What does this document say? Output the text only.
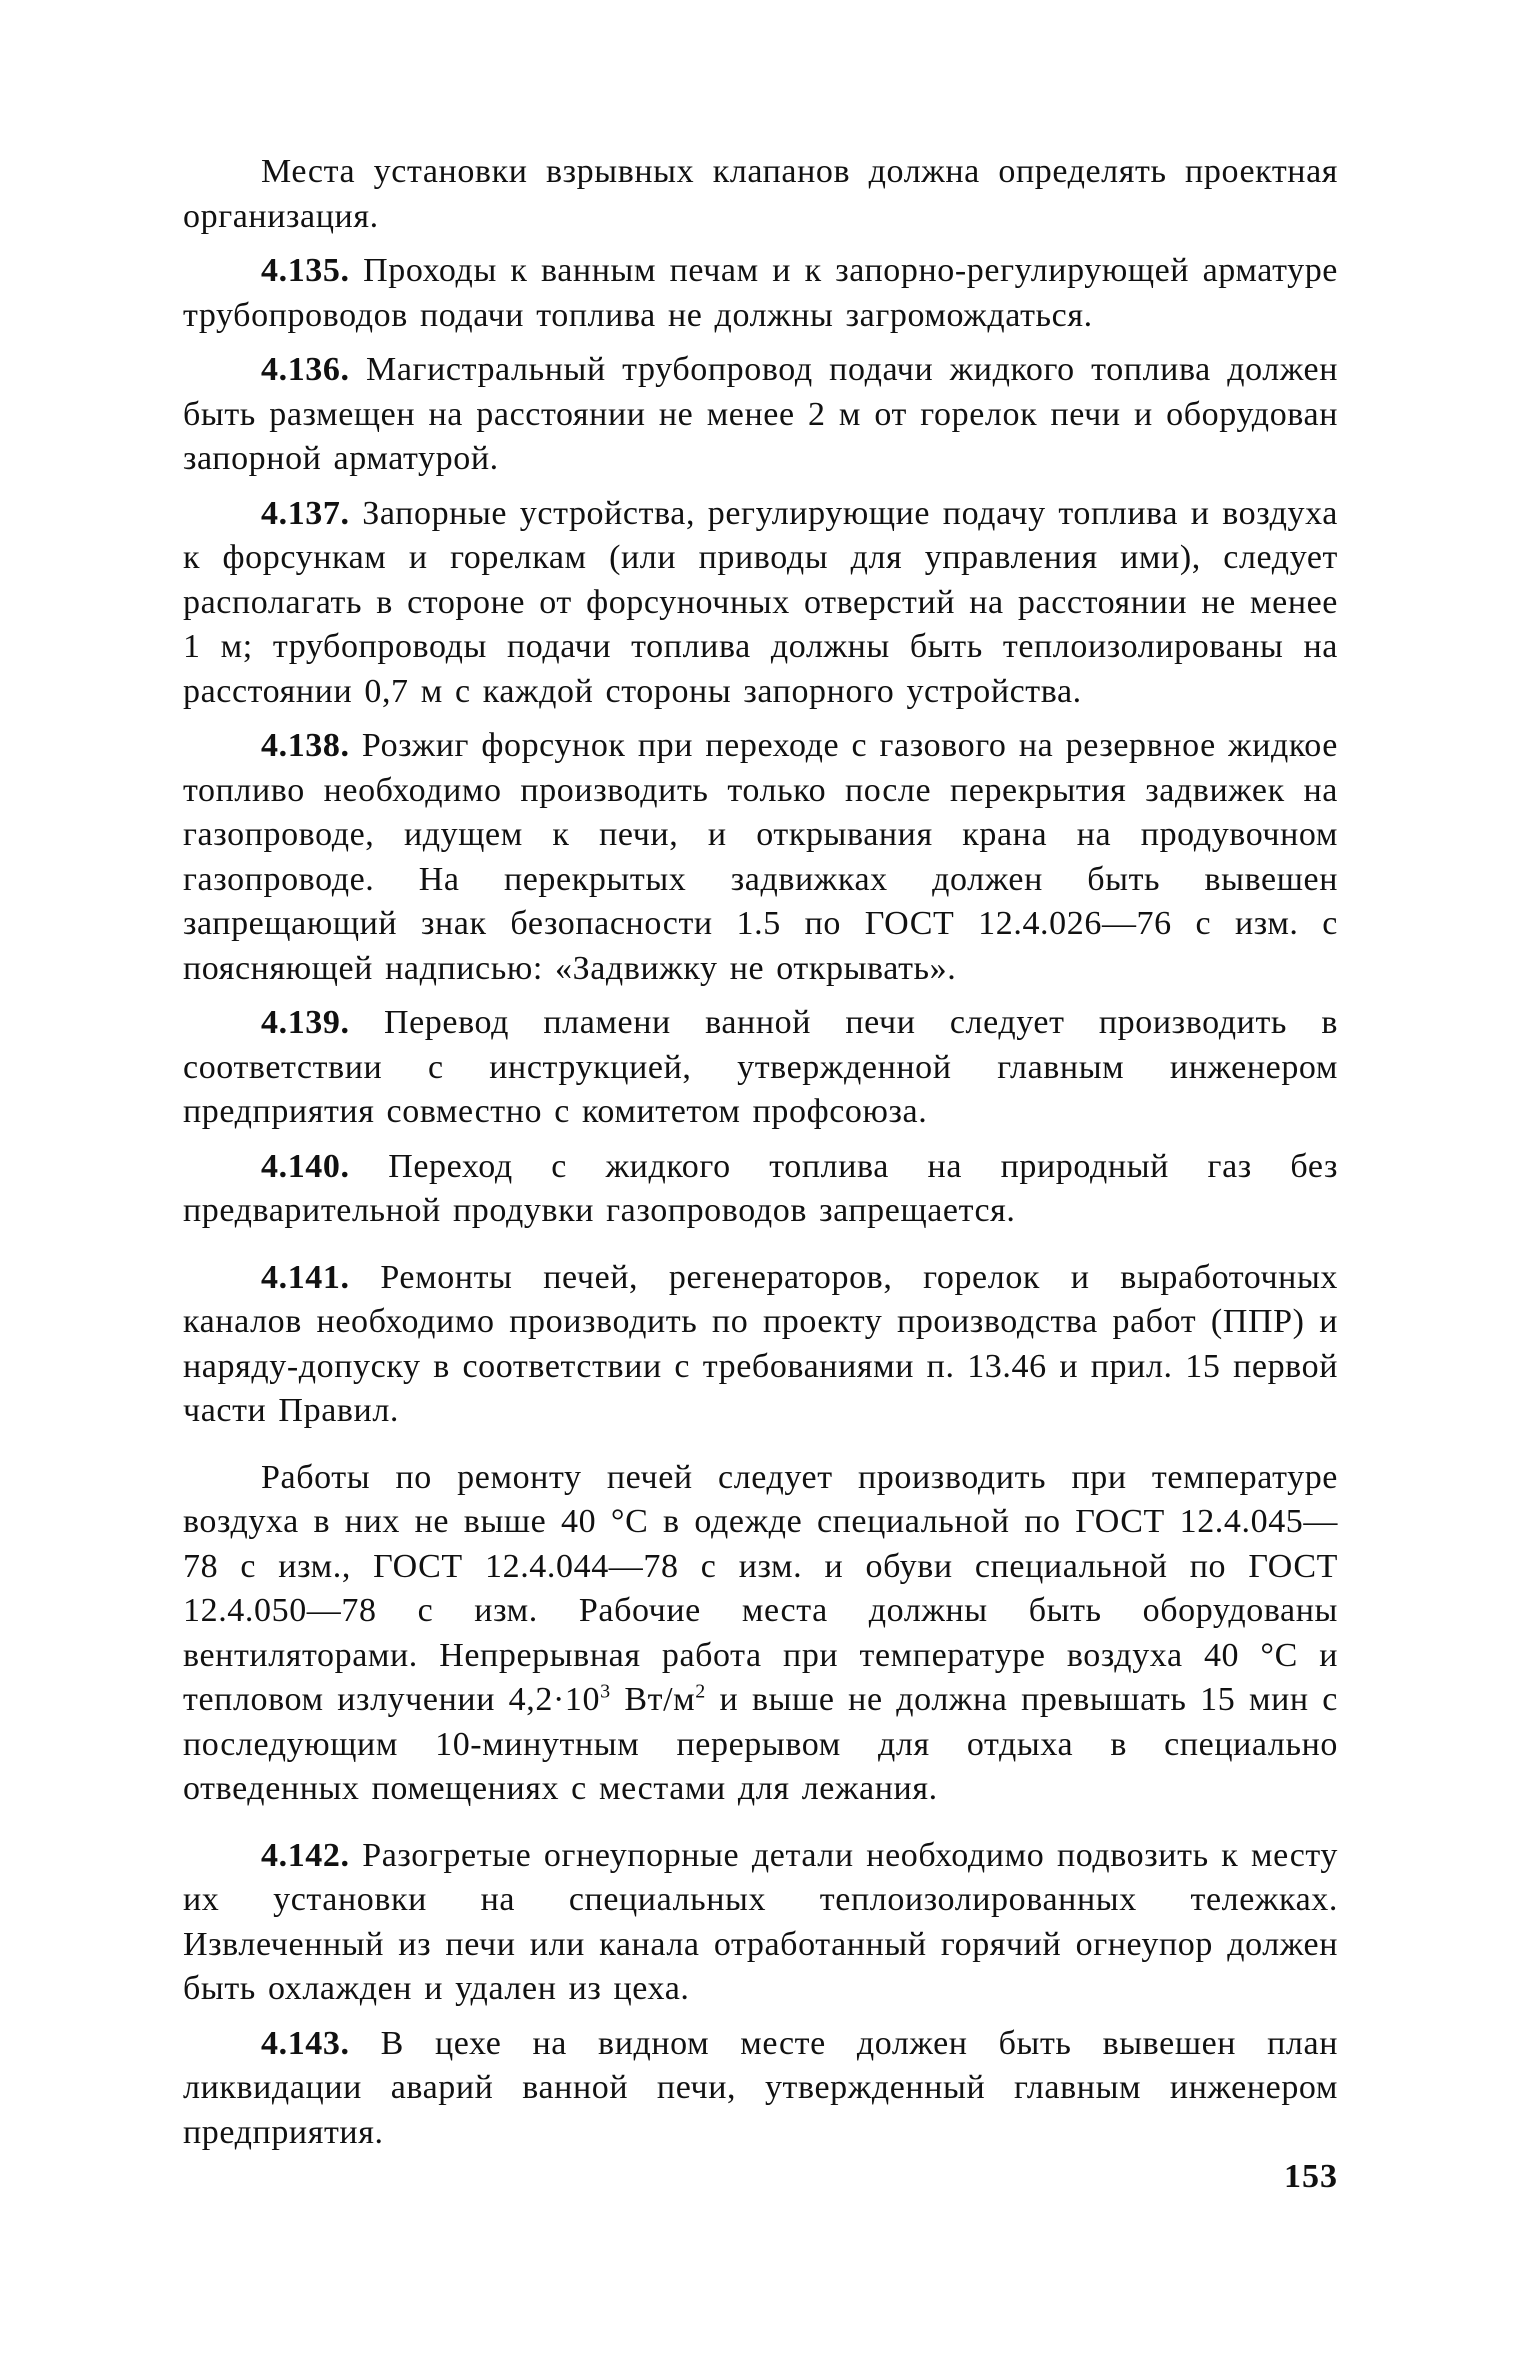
Места установки взрывных клапанов должна определять проектная организация.

4.135. Проходы к ванным печам и к запорно-регулирующей арматуре трубопроводов подачи топлива не должны загромождаться.

4.136. Магистральный трубопровод подачи жидкого топлива должен быть размещен на расстоянии не менее 2 м от горелок печи и оборудован запорной арматурой.

4.137. Запорные устройства, регулирующие подачу топлива и воздуха к форсункам и горелкам (или приводы для управления ими), следует располагать в стороне от форсуночных отверстий на расстоянии не менее 1 м; трубопроводы подачи топлива должны быть теплоизолированы на расстоянии 0,7 м с каждой стороны запорного устройства.

4.138. Розжиг форсунок при переходе с газового на резервное жидкое топливо необходимо производить только после перекрытия задвижек на газопроводе, идущем к печи, и открывания крана на продувочном газопроводе. На перекрытых задвижках должен быть вывешен запрещающий знак безопасности 1.5 по ГОСТ 12.4.026—76 с изм. с поясняющей надписью: «Задвижку не открывать».

4.139. Перевод пламени ванной печи следует производить в соответствии с инструкцией, утвержденной главным инженером предприятия совместно с комитетом профсоюза.

4.140. Переход с жидкого топлива на природный газ без предварительной продувки газопроводов запрещается.

4.141. Ремонты печей, регенераторов, горелок и выработочных каналов необходимо производить по проекту производства работ (ППР) и наряду-допуску в соответствии с требованиями п. 13.46 и прил. 15 первой части Правил.

Работы по ремонту печей следует производить при температуре воздуха в них не выше 40 °С в одежде специальной по ГОСТ 12.4.045—78 с изм., ГОСТ 12.4.044—78 с изм. и обуви специальной по ГОСТ 12.4.050—78 с изм. Рабочие места должны быть оборудованы вентиляторами. Непрерывная работа при температуре воздуха 40 °С и тепловом излучении $4,2\cdot 10^3$ $Вт/м^2$ и выше не должна превышать 15 мин с последующим 10-минутным перерывом для отдыха в специально отведенных помещениях с местами для лежания.

4.142. Разогретые огнеупорные детали необходимо подвозить к месту их установки на специальных теплоизолированных тележках. Извлеченный из печи или канала отработанный горячий огнеупор должен быть охлажден и удален из цеха.

4.143. В цехе на видном месте должен быть вывешен план ликвидации аварий ванной печи, утвержденный главным инженером предприятия.

153
